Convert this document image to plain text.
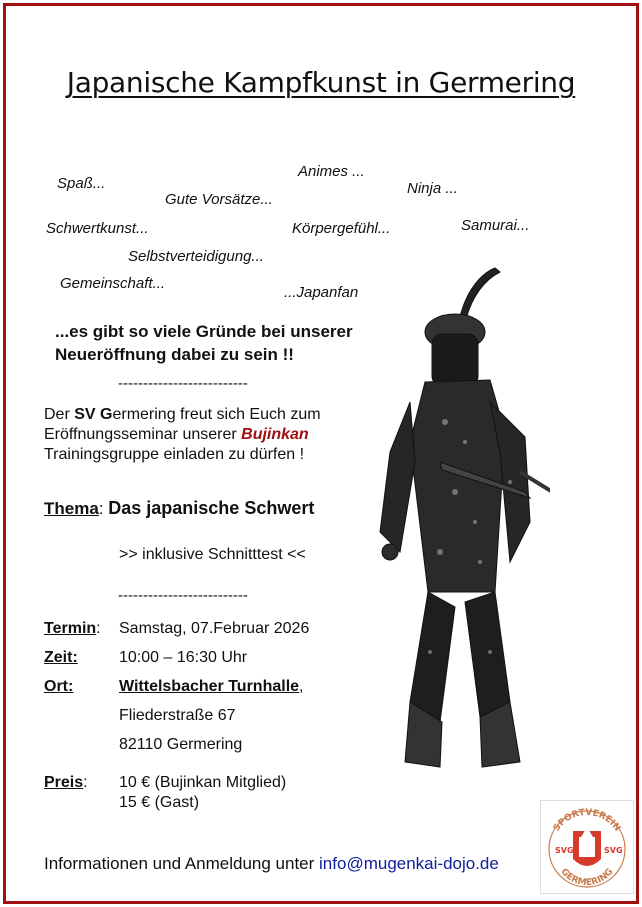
Japanische Kampfkunst in Germering
Spaß...
Animes ...
Ninja ...
Gute Vorsätze...
Schwertkunst...	Körpergefühl...	Samurai...
Selbstverteidigung...
Gemeinschaft...
...Japanfan
...es gibt so viele Gründe bei unserer Neueröffnung dabei zu sein !!
--------------------------
Der SV Germering freut sich Euch zum Eröffnungsseminar unserer Bujinkan Trainingsgruppe einladen zu dürfen !
Thema: Das japanische Schwert
>> inklusive Schnitttest <<
--------------------------
Termin: Samstag, 07.Februar 2026
Zeit:	10:00 – 16:30 Uhr
Ort:	Wittelsbacher Turnhalle,
Fliederstraße 67
82110 Germering
Preis: 10 € (Bujinkan Mitglied)
15 € (Gast)
Informationen und Anmeldung unter info@mugenkai-dojo.de
SPORTVEREIN
GERMERING
SVG	SVG
